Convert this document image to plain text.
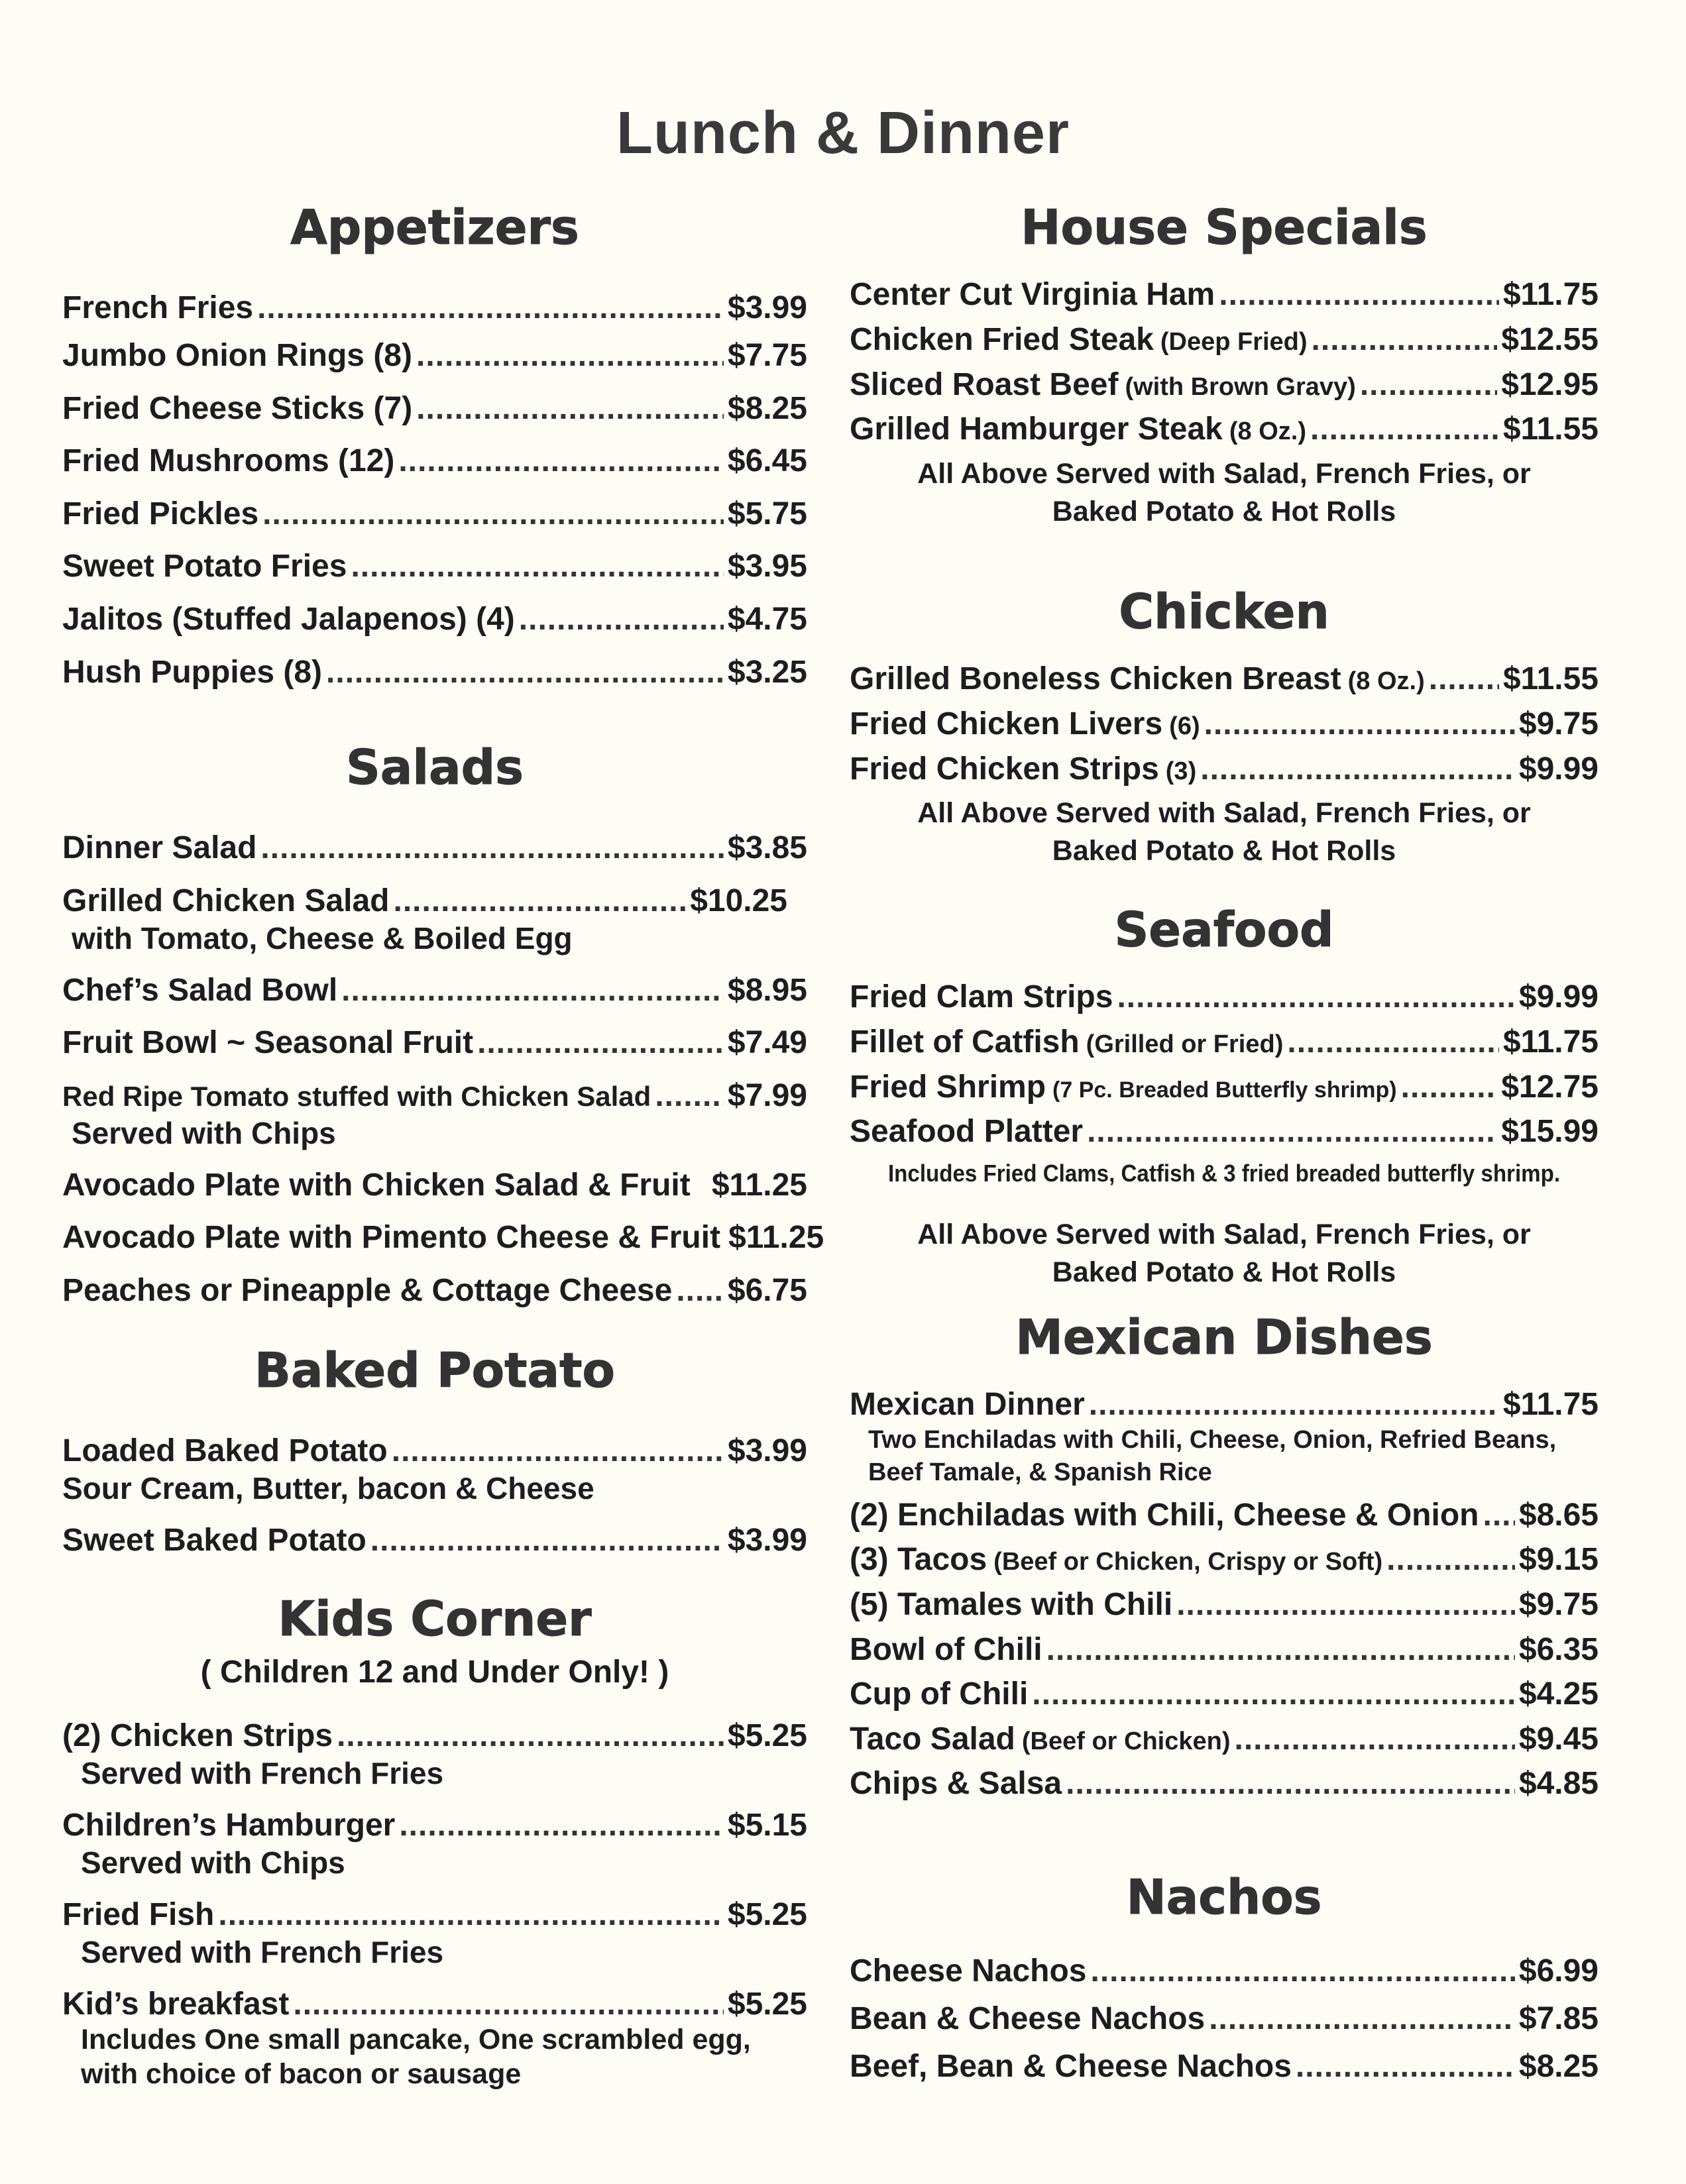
Lunch & Dinner
Appetizers
French Fries .....	$3.99
Jumbo Onion Rings (8) .....	$7.75
Fried Cheese Sticks (7) .....	$8.25
Fried Mushrooms (12) .....	$6.45
Fried Pickles .....	$5.75
Sweet Potato Fries .....	$3.95
Jalitos (Stuffed Jalapenos) (4) .....	$4.75
Hush Puppies (8) .....	$3.25
Salads
Dinner Salad .....	$3.85
Grilled Chicken Salad .....	$10.25
with Tomato, Cheese & Boiled Egg
Chef’s Salad Bowl .....	$8.95
Fruit Bowl ~ Seasonal Fruit .....	$7.49
Red Ripe Tomato stuffed with Chicken Salad ..... $7.99
Served with Chips
Avocado Plate with Chicken Salad & Fruit $11.25
Avocado Plate with Pimento Cheese & Fruit $11.25
Peaches or Pineapple & Cottage Cheese ..... $6.75
Baked Potato
Loaded Baked Potato .....	$3.99
Sour Cream, Butter, bacon & Cheese
Sweet Baked Potato .....	$3.99
Kids Corner
( Children 12 and Under Only! )
(2) Chicken Strips .....	$5.25
Served with French Fries
Children’s Hamburger .....	$5.15
Served with Chips
Fried Fish .....	$5.25
Served with French Fries
Kid’s breakfast .....	$5.25
Includes One small pancake, One scrambled egg,
with choice of bacon or sausage
House Specials
Center Cut Virginia Ham .....	$11.75
Chicken Fried Steak (Deep Fried) .....	$12.55
Sliced Roast Beef (with Brown Gravy) .....	$12.95
Grilled Hamburger Steak (8 Oz.) .....	$11.55
All Above Served with Salad, French Fries, or
Baked Potato & Hot Rolls
Chicken
Grilled Boneless Chicken Breast (8 Oz.) ..... $11.55
Fried Chicken Livers (6) .....	$9.75
Fried Chicken Strips (3) .....	$9.99
All Above Served with Salad, French Fries, or
Baked Potato & Hot Rolls
Seafood
Fried Clam Strips .....	$9.99
Fillet of Catfish (Grilled or Fried) .....	$11.75
Fried Shrimp (7 Pc. Breaded Butterfly shrimp) .....	$12.75
Seafood Platter .....	$15.99
Includes Fried Clams, Catfish & 3 fried breaded butterfly shrimp.
All Above Served with Salad, French Fries, or
Baked Potato & Hot Rolls
Mexican Dishes
Mexican Dinner .....	$11.75
Two Enchiladas with Chili, Cheese, Onion, Refried Beans,
Beef Tamale, & Spanish Rice
(2) Enchiladas with Chili, Cheese & Onion ..... $8.65
(3) Tacos (Beef or Chicken, Crispy or Soft) .....	$9.15
(5) Tamales with Chili .....	$9.75
Bowl of Chili .....	$6.35
Cup of Chili .....	$4.25
Taco Salad (Beef or Chicken) .....	$9.45
Chips & Salsa .....	$4.85
Nachos
Cheese Nachos .....	$6.99
Bean & Cheese Nachos .....	$7.85
Beef, Bean & Cheese Nachos .....	$8.25
